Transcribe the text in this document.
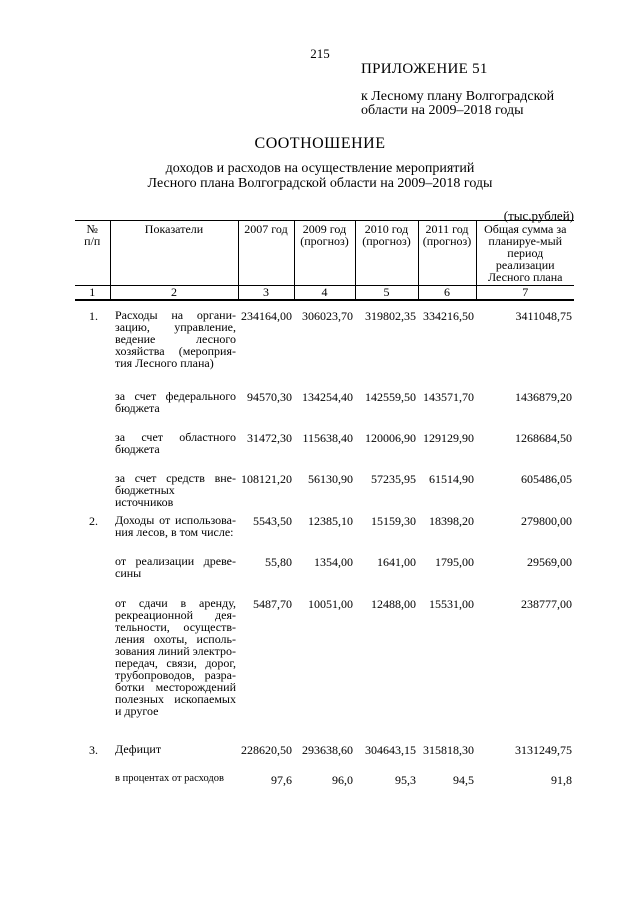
215
ПРИЛОЖЕНИЕ 51
к Лесному плану Волгоградской
области на 2009–2018 годы
СООТНОШЕНИЕ
доходов и расходов на осуществление мероприятий
Лесного плана Волгоградской области на 2009–2018 годы
(тыс.рублей)
№ п/п	Показатели	2007 год	2009 год (прогноз)	2010 год (прогноз)	2011 год (прогноз)	Общая сумма за планируе-мый период реализации Лесного плана
1	2	3	4	5	6	7
1.	Расходы на органи-зацию, управление, ведение лесного хозяйства (мероприя-тия Лесного плана)	234164,00	306023,70	319802,35	334216,50	3411048,75
	за счет федерального бюджета	94570,30	134254,40	142559,50	143571,70	1436879,20
	за счет областного бюджета	31472,30	115638,40	120006,90	129129,90	1268684,50
	за счет средств вне-бюджетных источников	108121,20	56130,90	57235,95	61514,90	605486,05
2.	Доходы от использова-ния лесов, в том числе:	5543,50	12385,10	15159,30	18398,20	279800,00
	от реализации древе-сины	55,80	1354,00	1641,00	1795,00	29569,00
	от сдачи в аренду, рекреационной дея-тельности, осуществ-ления охоты, исполь-зования линий электро-передач, связи, дорог, трубопроводов, разра-ботки месторождений полезных ископаемых и другое	5487,70	10051,00	12488,00	15531,00	238777,00
3.	Дефицит	228620,50	293638,60	304643,15	315818,30	3131249,75
	в процентах от расходов	97,6	96,0	95,3	94,5	91,8
